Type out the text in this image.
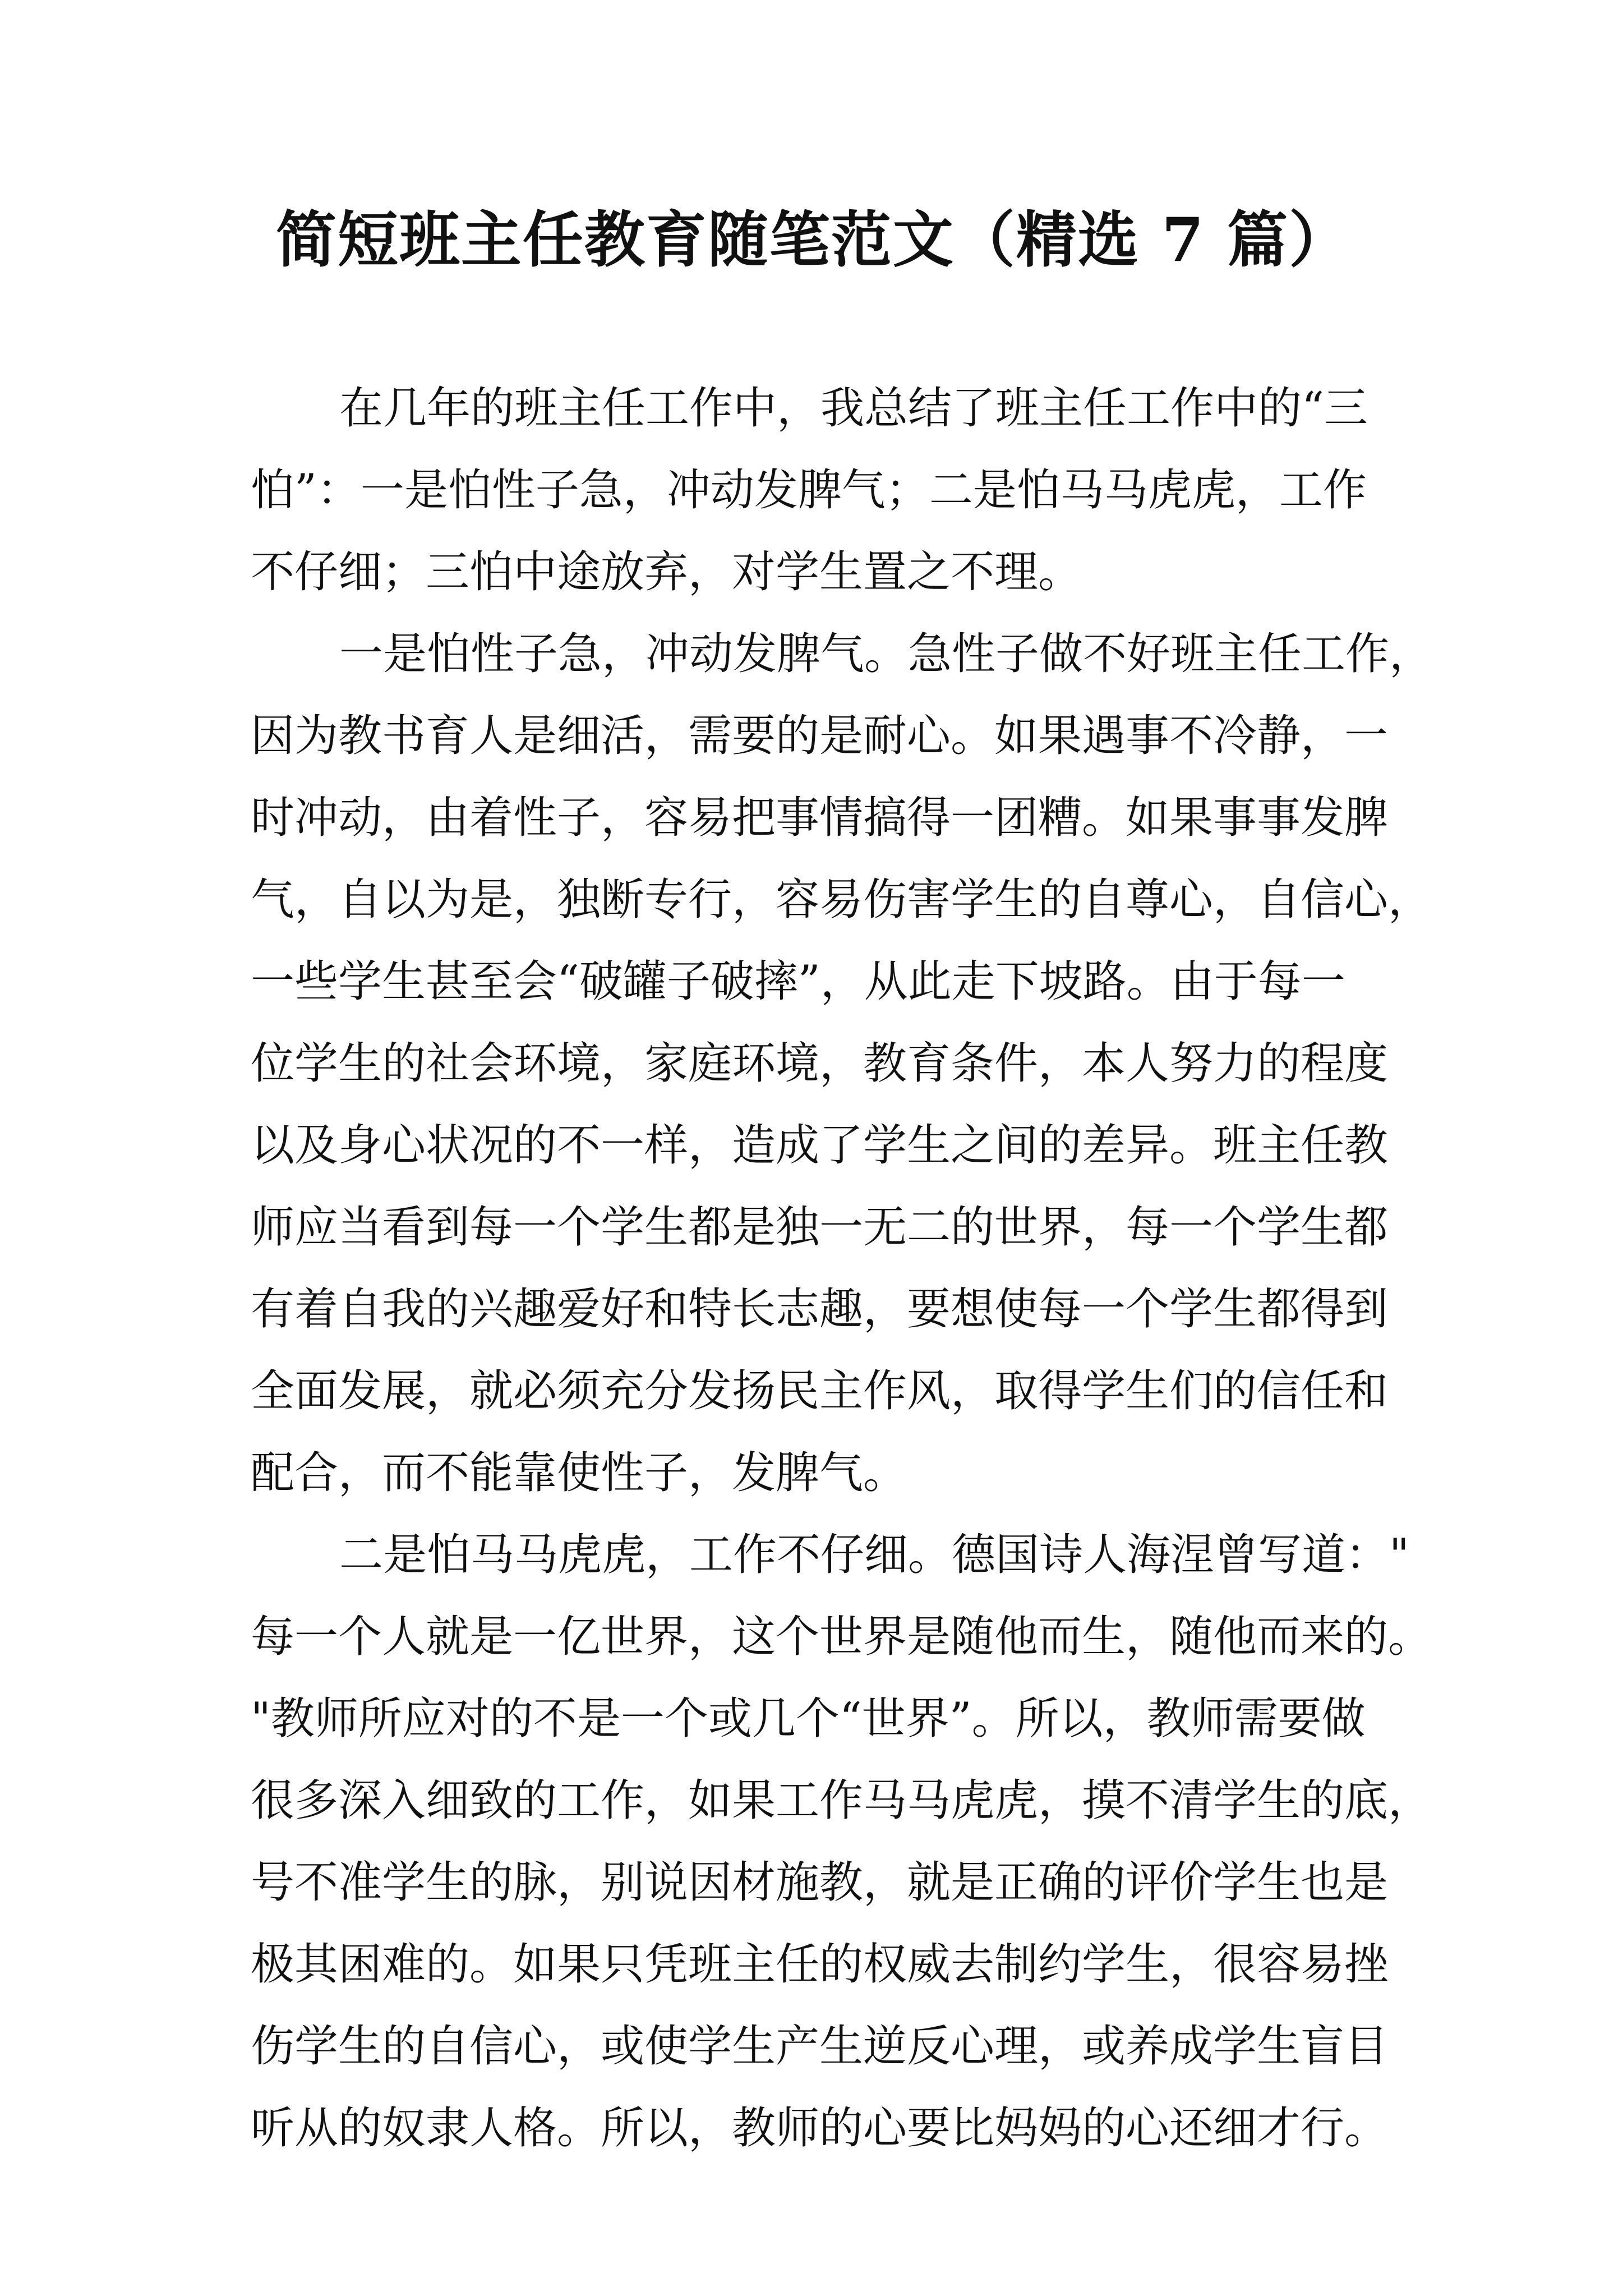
简短班主任教育随笔范文（精选 7 篇）
在几年的班主任工作中，我总结了班主任工作中的“三
怕”：一是怕性子急，冲动发脾气；二是怕马马虎虎，工作
不仔细；三怕中途放弃，对学生置之不理。
一是怕性子急，冲动发脾气。急性子做不好班主任工作，
因为教书育人是细活，需要的是耐心。如果遇事不冷静，一
时冲动，由着性子，容易把事情搞得一团糟。如果事事发脾
气，自以为是，独断专行，容易伤害学生的自尊心，自信心，
一些学生甚至会“破罐子破摔”，从此走下坡路。由于每一
位学生的社会环境，家庭环境，教育条件，本人努力的程度
以及身心状况的不一样，造成了学生之间的差异。班主任教
师应当看到每一个学生都是独一无二的世界，每一个学生都
有着自我的兴趣爱好和特长志趣，要想使每一个学生都得到
全面发展，就必须充分发扬民主作风，取得学生们的信任和
配合，而不能靠使性子，发脾气。
二是怕马马虎虎，工作不仔细。德国诗人海涅曾写道："
每一个人就是一亿世界，这个世界是随他而生，随他而来的。
"教师所应对的不是一个或几个“世界”。所以，教师需要做
很多深入细致的工作，如果工作马马虎虎，摸不清学生的底，
号不准学生的脉，别说因材施教，就是正确的评价学生也是
极其困难的。如果只凭班主任的权威去制约学生，很容易挫
伤学生的自信心，或使学生产生逆反心理，或养成学生盲目
听从的奴隶人格。所以，教师的心要比妈妈的心还细才行。
